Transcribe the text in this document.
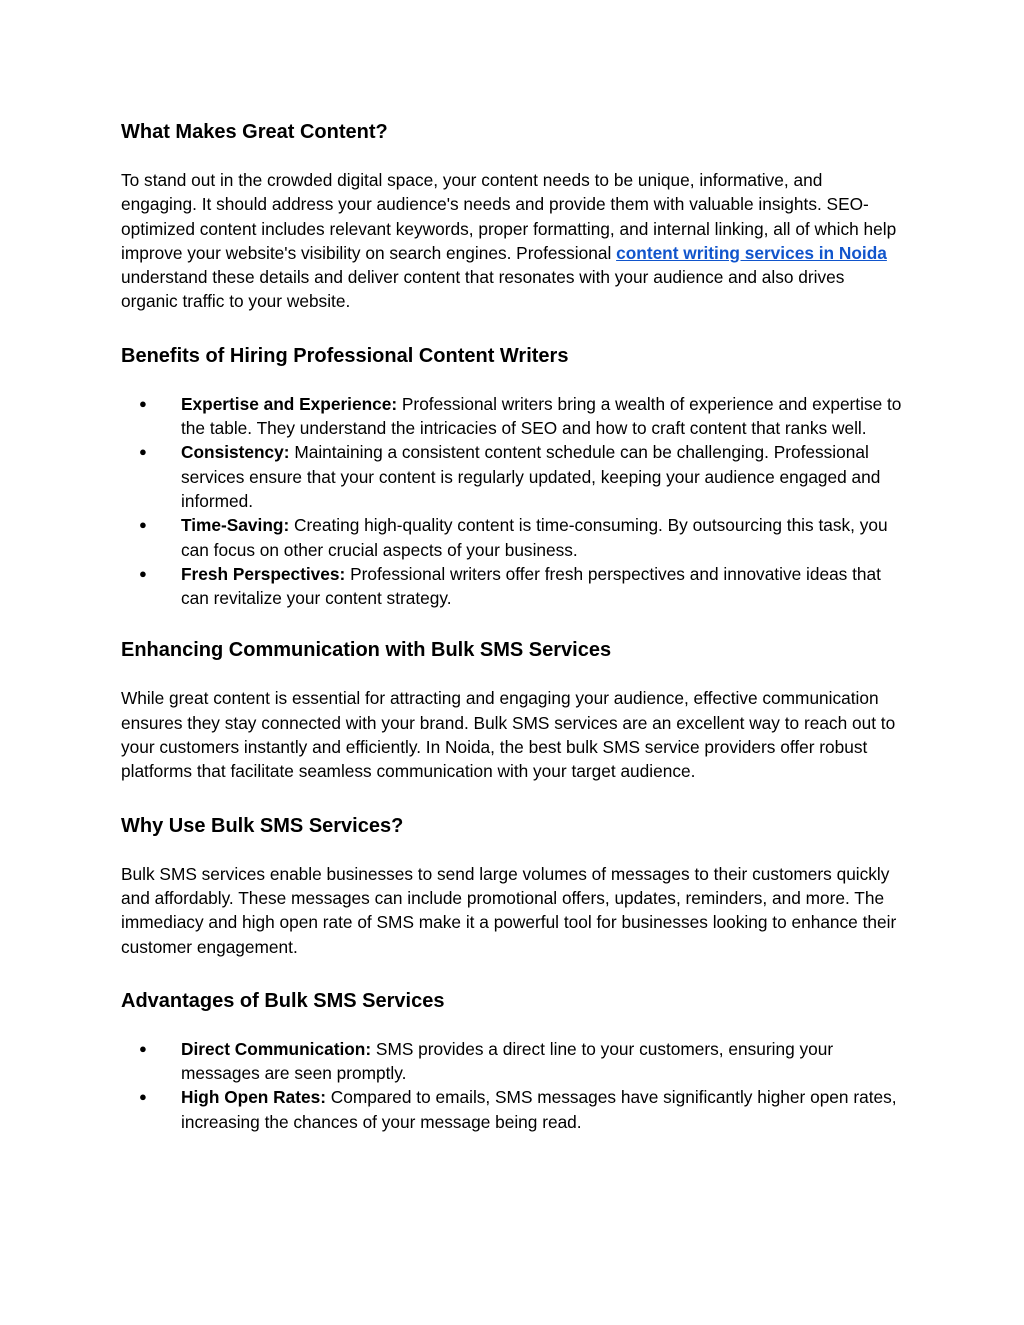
What Makes Great Content?

To stand out in the crowded digital space, your content needs to be unique, informative, and engaging. It should address your audience's needs and provide them with valuable insights. SEO-optimized content includes relevant keywords, proper formatting, and internal linking, all of which help improve your website's visibility on search engines. Professional content writing services in Noida understand these details and deliver content that resonates with your audience and also drives organic traffic to your website.

Benefits of Hiring Professional Content Writers
● Expertise and Experience: Professional writers bring a wealth of experience and expertise to the table. They understand the intricacies of SEO and how to craft content that ranks well.
● Consistency: Maintaining a consistent content schedule can be challenging. Professional services ensure that your content is regularly updated, keeping your audience engaged and informed.
● Time-Saving: Creating high-quality content is time-consuming. By outsourcing this task, you can focus on other crucial aspects of your business.
● Fresh Perspectives: Professional writers offer fresh perspectives and innovative ideas that can revitalize your content strategy.
Enhancing Communication with Bulk SMS Services

While great content is essential for attracting and engaging your audience, effective communication ensures they stay connected with your brand. Bulk SMS services are an excellent way to reach out to your customers instantly and efficiently. In Noida, the best bulk SMS service providers offer robust platforms that facilitate seamless communication with your target audience.

Why Use Bulk SMS Services?

Bulk SMS services enable businesses to send large volumes of messages to their customers quickly and affordably. These messages can include promotional offers, updates, reminders, and more. The immediacy and high open rate of SMS make it a powerful tool for businesses looking to enhance their customer engagement.

Advantages of Bulk SMS Services
● Direct Communication: SMS provides a direct line to your customers, ensuring your messages are seen promptly.
● High Open Rates: Compared to emails, SMS messages have significantly higher open rates, increasing the chances of your message being read.
